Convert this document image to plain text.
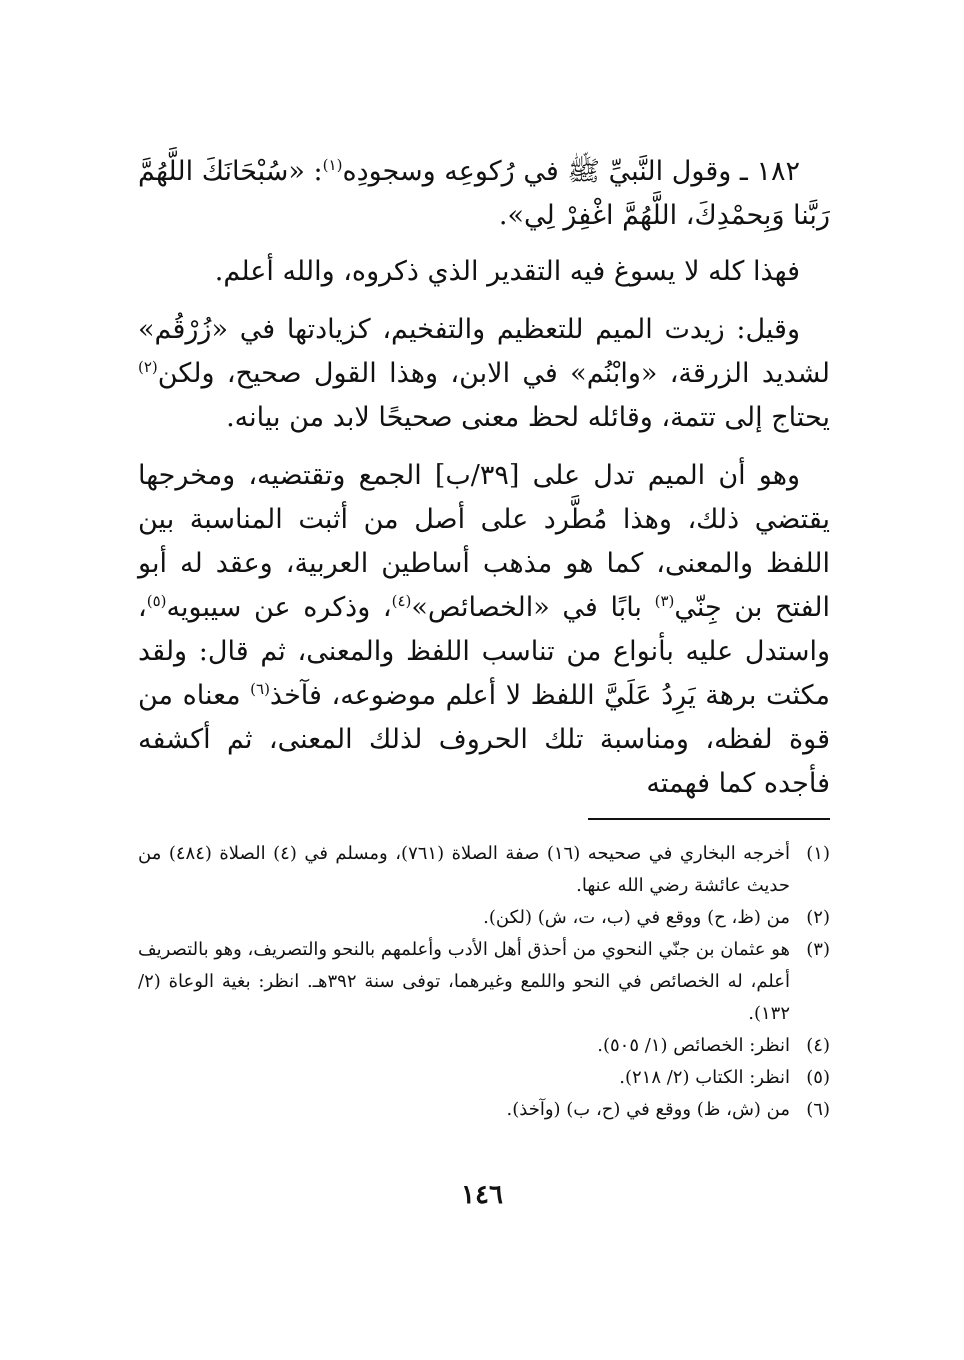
١٨٢ ـ وقول النَّبيِّ ﷺ في رُكوعِه وسجودِه$^{(١)}$: «سُبْحَانَكَ اللَّهُمَّ رَبَّنا وَبِحمْدِكَ، اللَّهُمَّ اغْفِرْ لِي».

فهذا كله لا يسوغ فيه التقدير الذي ذكروه، والله أعلم.

وقيل: زيدت الميم للتعظيم والتفخيم، كزيادتها في «زُرْقُم» لشديد الزرقة، «وابْنُم» في الابن، وهذا القول صحيح، ولكن$^{(٢)}$ يحتاج إلى تتمة، وقائله لحظ معنى صحيحًا لابد من بيانه.

وهو أن الميم تدل على [٣٩/ب] الجمع وتقتضيه، ومخرجها يقتضي ذلك، وهذا مُطَّرد على أصل من أثبت المناسبة بين اللفظ والمعنى، كما هو مذهب أساطين العربية، وعقد له أبو الفتح بن جِنّي$^{(٣)}$ بابًا في «الخصائص»$^{(٤)}$، وذكره عن سيبويه$^{(٥)}$، واستدل عليه بأنواع من تناسب اللفظ والمعنى، ثم قال: ولقد مكثت برهة يَرِدُ عَلَيَّ اللفظ لا أعلم موضوعه، فآخذ$^{(٦)}$ معناه من قوة لفظه، ومناسبة تلك الحروف لذلك المعنى، ثم أكشفه فأجده كما فهمته

(١)
أخرجه البخاري في صحيحه (١٦) صفة الصلاة (٧٦١)، ومسلم في (٤) الصلاة (٤٨٤) من حديث عائشة رضي الله عنها.
(٢)
من (ظ، ح) ووقع في (ب، ت، ش) (لكن).
(٣)
هو عثمان بن جنّي النحوي من أحذق أهل الأدب وأعلمهم بالنحو والتصريف، وهو بالتصريف أعلم، له الخصائص في النحو واللمع وغيرهما، توفى سنة ٣٩٢هـ. انظر: بغية الوعاة (٢/ ١٣٢).
(٤)
انظر: الخصائص (١/ ٥٠٥).
(٥)
انظر: الكتاب (٢/ ٢١٨).
(٦)
من (ش، ظ) ووقع في (ح، ب) (وآخذ).
١٤٦
